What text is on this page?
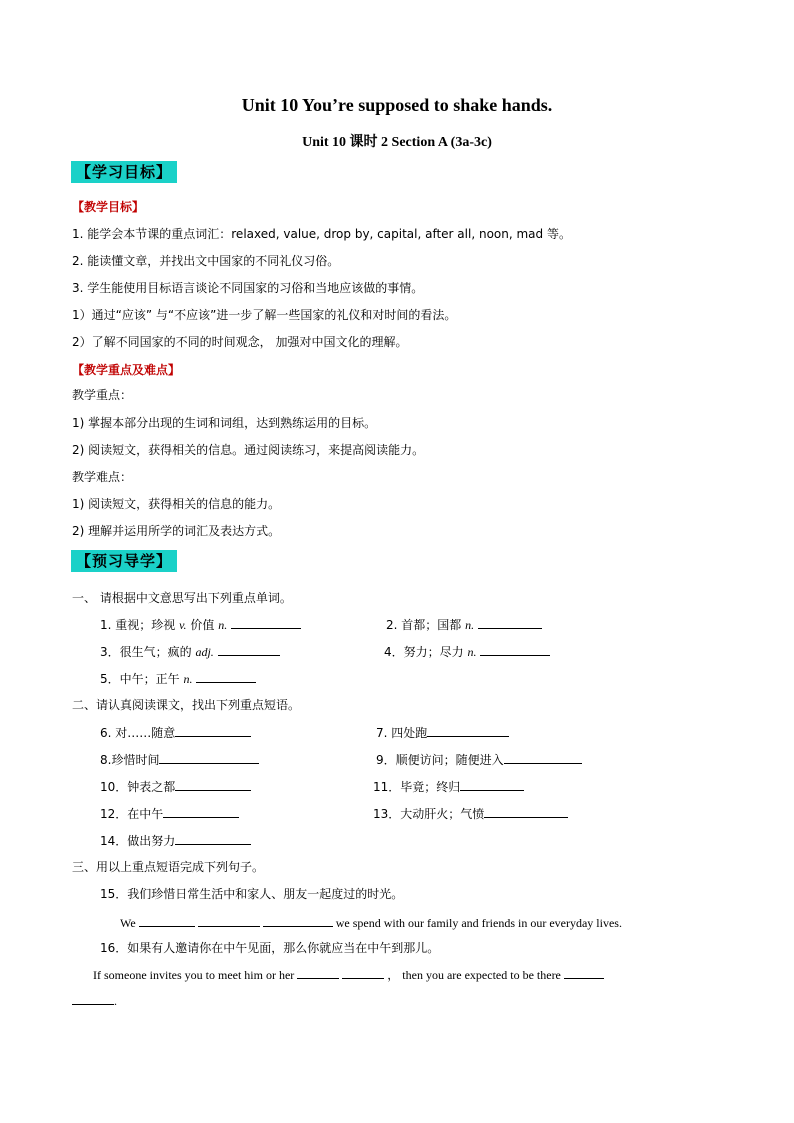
Unit 10 You’re supposed to shake hands.
Unit 10 课时 2 Section A (3a-3c)
【学习目标】
【教学目标】
1. 能学会本节课的重点词汇：relaxed, value, drop by, capital, after all, noon, mad 等。
2. 能读懂文章，并找出文中国家的不同礼仪习俗。
3. 学生能使用目标语言谈论不同国家的习俗和当地应该做的事情。
1）通过“应该” 与“不应该”进一步了解一些国家的礼仪和对时间的看法。
2）了解不同国家的不同的时间观念， 加强对中国文化的理解。
【教学重点及难点】
教学重点：
1) 掌握本部分出现的生词和词组，达到熟练运用的目标。
2) 阅读短文，获得相关的信息。通过阅读练习，来提高阅读能力。
教学难点：
1) 阅读短文，获得相关的信息的能力。
2) 理解并运用所学的词汇及表达方式。
【预习导学】
一、 请根据中文意思写出下列重点单词。
1. 重视；珍视 v. 价值 n.	2. 首都；国都 n.
3．很生气；疯的 adj.	4．努力；尽力 n.
5．中午；正午 n.
二、请认真阅读课文，找出下列重点短语。
6. 对……随意	7. 四处跑
8.珍惜时间	9．顺便访问；随便进入
10．钟表之都	11．毕竟；终归
12．在中午	13．大动肝火；气愤
14．做出努力
三、用以上重点短语完成下列句子。
15．我们珍惜日常生活中和家人、朋友一起度过的时光。
We	we spend with our family and friends in our everyday lives.
16．如果有人邀请你在中午见面，那么你就应当在中午到那儿。
If someone invites you to meet him or her	， then you are expected to be there
.
